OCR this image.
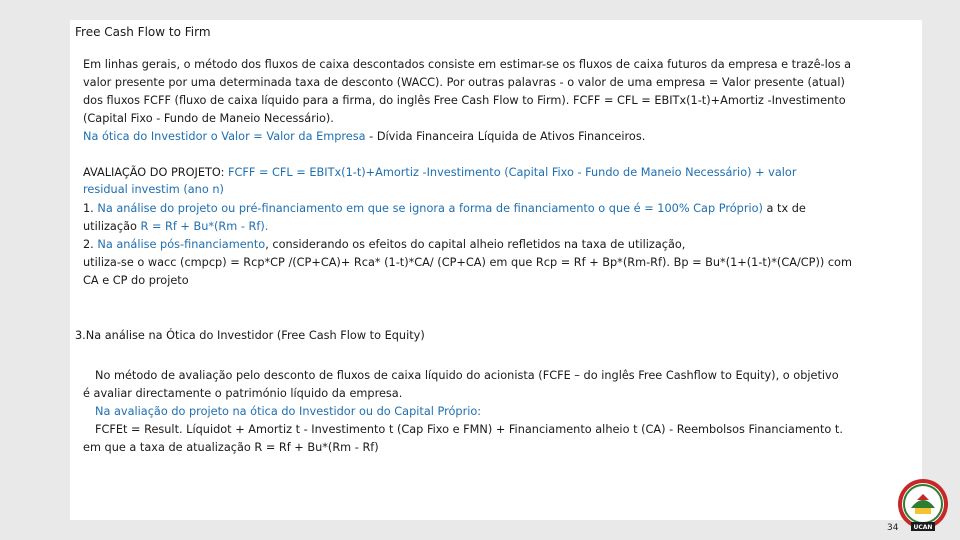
Free Cash Flow to Firm
Em linhas gerais, o método dos fluxos de caixa descontados consiste em estimar-se os fluxos de caixa futuros da empresa e trazê-los a
valor presente por uma determinada taxa de desconto (WACC). Por outras palavras - o valor de uma empresa = Valor presente (atual)
dos fluxos FCFF (fluxo de caixa líquido para a firma, do inglês Free Cash Flow to Firm). FCFF = CFL = EBITx(1-t)+Amortiz -Investimento
(Capital Fixo - Fundo de Maneio Necessário).
Na ótica do Investidor o Valor = Valor da Empresa - Dívida Financeira Líquida de Ativos Financeiros.
AVALIAÇÃO DO PROJETO: FCFF = CFL = EBITx(1-t)+Amortiz -Investimento (Capital Fixo - Fundo de Maneio Necessário) + valor
residual investim (ano n)
1. Na análise do projeto ou pré-financiamento em que se ignora a forma de financiamento o que é = 100% Cap Próprio) a tx de
utilização R = Rf + Bu*(Rm - Rf).
2. Na análise pós-financiamento, considerando os efeitos do capital alheio refletidos na taxa de utilização,
utiliza-se o wacc (cmpcp) = Rcp*CP /(CP+CA)+ Rca* (1-t)*CA/ (CP+CA) em que Rcp = Rf + Bp*(Rm-Rf). Bp = Bu*(1+(1-t)*(CA/CP)) com
CA e CP do projeto
3.Na análise na Ótica do Investidor (Free Cash Flow to Equity)
No método de avaliação pelo desconto de fluxos de caixa líquido do acionista (FCFE – do inglês Free Cashflow to Equity), o objetivo
é avaliar directamente o património líquido da empresa.
Na avaliação do projeto na ótica do Investidor ou do Capital Próprio:
FCFEt = Result. Líquidot + Amortiz t - Investimento t (Cap Fixo e FMN) + Financiamento alheio t (CA) - Reembolsos Financiamento t.
em que a taxa de atualização R = Rf + Bu*(Rm - Rf)
UCAN
34
